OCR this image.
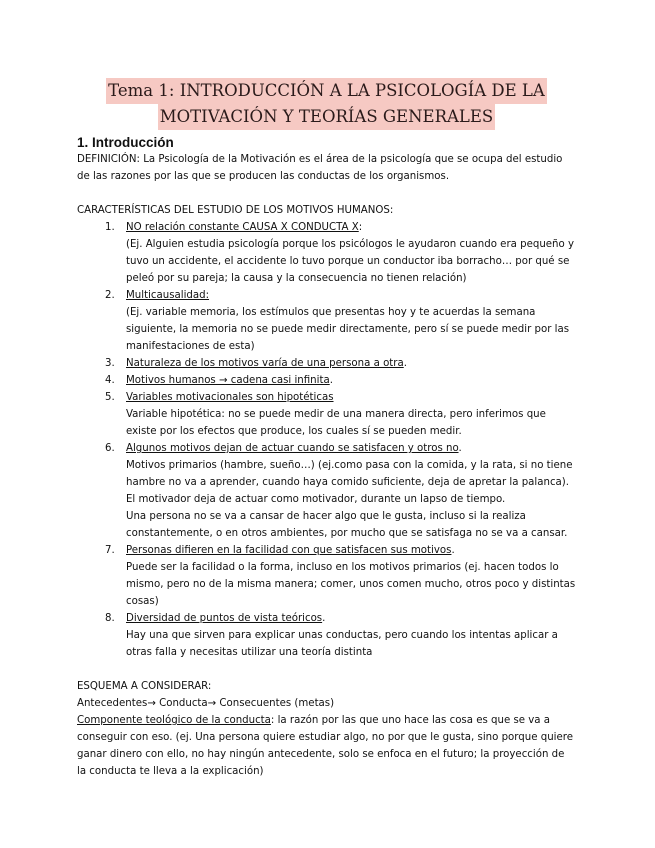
Tema 1: INTRODUCCIÓN A LA PSICOLOGÍA DE LA
MOTIVACIÓN Y TEORÍAS GENERALES
1. Introducción

DEFINICIÓN: La Psicología de la Motivación es el área de la psicología que se ocupa del estudio de las razones por las que se producen las conductas de los organismos.

CARACTERÍSTICAS DEL ESTUDIO DE LOS MOTIVOS HUMANOS:

1. NO relación constante CAUSA X CONDUCTA X:
(Ej. Alguien estudia psicología porque los psicólogos le ayudaron cuando era pequeño y tuvo un accidente, el accidente lo tuvo porque un conductor iba borracho… por qué se peleó por su pareja; la causa y la consecuencia no tienen relación)
2. Multicausalidad:
(Ej. variable memoria, los estímulos que presentas hoy y te acuerdas la semana siguiente, la memoria no se puede medir directamente, pero sí se puede medir por las manifestaciones de esta)
3. Naturaleza de los motivos varía de una persona a otra.
4. Motivos humanos → cadena casi infinita.
5. Variables motivacionales son hipotéticas
Variable hipotética: no se puede medir de una manera directa, pero inferimos que existe por los efectos que produce, los cuales sí se pueden medir.
6. Algunos motivos dejan de actuar cuando se satisfacen y otros no.
Motivos primarios (hambre, sueño…) (ej.como pasa con la comida, y la rata, si no tiene hambre no va a aprender, cuando haya comido suficiente, deja de apretar la palanca). El motivador deja de actuar como motivador, durante un lapso de tiempo.
Una persona no se va a cansar de hacer algo que le gusta, incluso si la realiza constantemente, o en otros ambientes, por mucho que se satisfaga no se va a cansar.
7. Personas difieren en la facilidad con que satisfacen sus motivos.
Puede ser la facilidad o la forma, incluso en los motivos primarios (ej. hacen todos lo mismo, pero no de la misma manera; comer, unos comen mucho, otros poco y distintas cosas)
8. Diversidad de puntos de vista teóricos.
Hay una que sirven para explicar unas conductas, pero cuando los intentas aplicar a otras falla y necesitas utilizar una teoría distinta

ESQUEMA A CONSIDERAR:

Antecedentes→ Conducta→ Consecuentes (metas)

Componente teológico de la conducta: la razón por las que uno hace las cosa es que se va a conseguir con eso. (ej. Una persona quiere estudiar algo, no por que le gusta, sino porque quiere ganar dinero con ello, no hay ningún antecedente, solo se enfoca en el futuro; la proyección de la conducta te lleva a la explicación)
